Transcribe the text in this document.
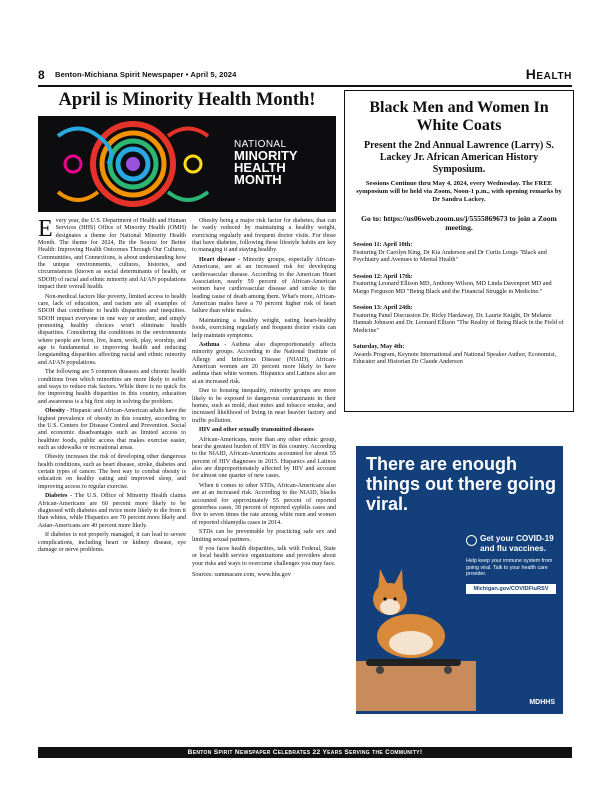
8 Benton-Michiana Spirit Newspaper • April 5, 2024	Health
April is Minority Health Month!
NATIONAL
MINORITY
HEALTH
MONTH

Every year, the U.S. Department of Health and Human Services (HHS) Office of Minority Health (OMH) designates a theme for National Minority Health Month. The theme for 2024, Be the Source for Better Health: Improving Health Outcomes Through Our Cultures, Communities, and Connections, is about understanding how the unique environments, cultures, histories, and circumstances (known as social determinants of health, or SDOH) of racial and ethnic minority and AI/AN populations impact their overall health.

Non-medical factors like poverty, limited access to health care, lack of education, and racism are all examples of SDOH that contribute to health disparities and inequities. SDOH impact everyone in one way or another, and simply promoting healthy choices won't eliminate health disparities. Considering the conditions in the environments where people are born, live, learn, work, play, worship, and age is fundamental to improving health and reducing longstanding disparities affecting racial and ethnic minority and AI/AN populations.

The following are 5 common diseases and chronic health conditions from which minorities are more likely to suffer and ways to reduce risk factors. While there is no quick fix for improving health disparities in this country, education and awareness is a big first step in solving the problem.

Obesity - Hispanic and African-American adults have the highest prevalence of obesity in this country, according to the U.S. Centers for Disease Control and Prevention. Social and economic disadvantages such as limited access to healthier foods, public access that makes exercise easier, such as sidewalks or recreational areas.

Obesity increases the risk of developing other dangerous health conditions, such as heart disease, stroke, diabetes and certain types of cancer. The best way to combat obesity is education on healthy eating and improved sleep, and improving access to regular exercise.

Diabetes - The U.S. Office of Minority Health claims African-Americans are 60 percent more likely to be diagnosed with diabetes and twice more likely to die from it than whites, while Hispanics are 70 percent more likely and Asian-Americans are 40 percent more likely.

If diabetes is not properly managed, it can lead to severe complications, including heart or kidney disease, eye damage or nerve problems.

Obesity being a major risk factor for diabetes, that can be vastly reduced by maintaining a healthy weight, exercising regularly and frequent doctor visits. For those that have diabetes, following these lifestyle habits are key to managing it and staying healthy.

Heart disease - Minority groups, especially African-Americans, are at an increased risk for developing cardiovascular disease. According to the American Heart Association, nearly 59 percent of African-American women have cardiovascular disease and stroke is the leading cause of death among them. What's more, African-American males have a 70 percent higher risk of heart failure than white males.

Maintaining a healthy weight, eating heart-healthy foods, exercising regularly and frequent doctor visits can help maintain symptoms.

Asthma - Asthma also disproportionately affects minority groups. According to the National Institute of Allergy and Infectious Disease (NIAID), African-American women are 20 percent more likely to have asthma than white women. Hispanics and Latinos also are at an increased risk.

Due to housing inequality, minority groups are more likely to be exposed to dangerous contaminants in their homes, such as mold, dust mites and tobacco smoke, and increased likelihood of living in near heavier factory and traffic pollution.

HIV and other sexually transmitted diseases

African-Americans, more than any other ethnic group, bear the greatest burden of HIV in this country. According to the NIAID, African-Americans accounted for about 55 percent of HIV diagnoses in 2015. Hispanics and Latinos also are disproportionately affected by HIV and account for almost one quarter of new cases.

When it comes to other STDs, African-Americans also are at an increased risk. According to the NIAID, blacks accounted for approximately 55 percent of reported gonorrhea cases, 38 percent of reported syphilis cases and five to seven times the rate among white men and women of reported chlamydia cases in 2014.

STDs can be preventable by practicing safe sex and limiting sexual partners.

If you faces health disparities, talk with Federal, State or local health service organizations and providers about your risks and ways to overcome challenges you may face.

Sources: summacare.com, www.hhs.gov

Black Men and Women In White Coats
Present the 2nd Annual Lawrence (Larry) S. Lackey Jr. African American History Symposium.
Sessions Continue thru May 4, 2024, every Wednesday. The FREE symposium will be held via Zoom, Noon-1 p.m., with opening remarks by Dr Sandra Lackey.
Go to: https://us06web.zoom.us/j/5555869673 to join a Zoom meeting.
Session 11: April 10th:
Featuring Dr Carolyn King, Dr Kia Anderson and Dr Curtis Longs "Black and Psychiatry and Avenues to Mental Health"
Session 12: April 17th:
Featuring Leonard Ellison MD, Anthony Wilson, MD Linda Davenport MD and Margo Ferguson MD "Being Black and the Financial Struggle in Medicine."
Session 13: April 24th:
Featuring Panel Discussion Dr. Ricky Hardaway, Dr. Laurie Knight, Dr Melanie Hannah Johnson and Dr. Leonard Ellison "The Reality of Being Black in the Field of Medicine"
Saturday, May 4th:
Awards Program, Keynote International and National Speaker Author, Economist, Educator and Historian Dr Claude Anderson
There are enough things out there going viral.
Get your COVID-19 and flu vaccines.
Help keep your immune system from going viral. Talk to your health care provider.
Michigan.gov/COVIDFluRSV
MDHHS
Benton Spirit Newspaper Celebrates 22 Years Serving the Community!
